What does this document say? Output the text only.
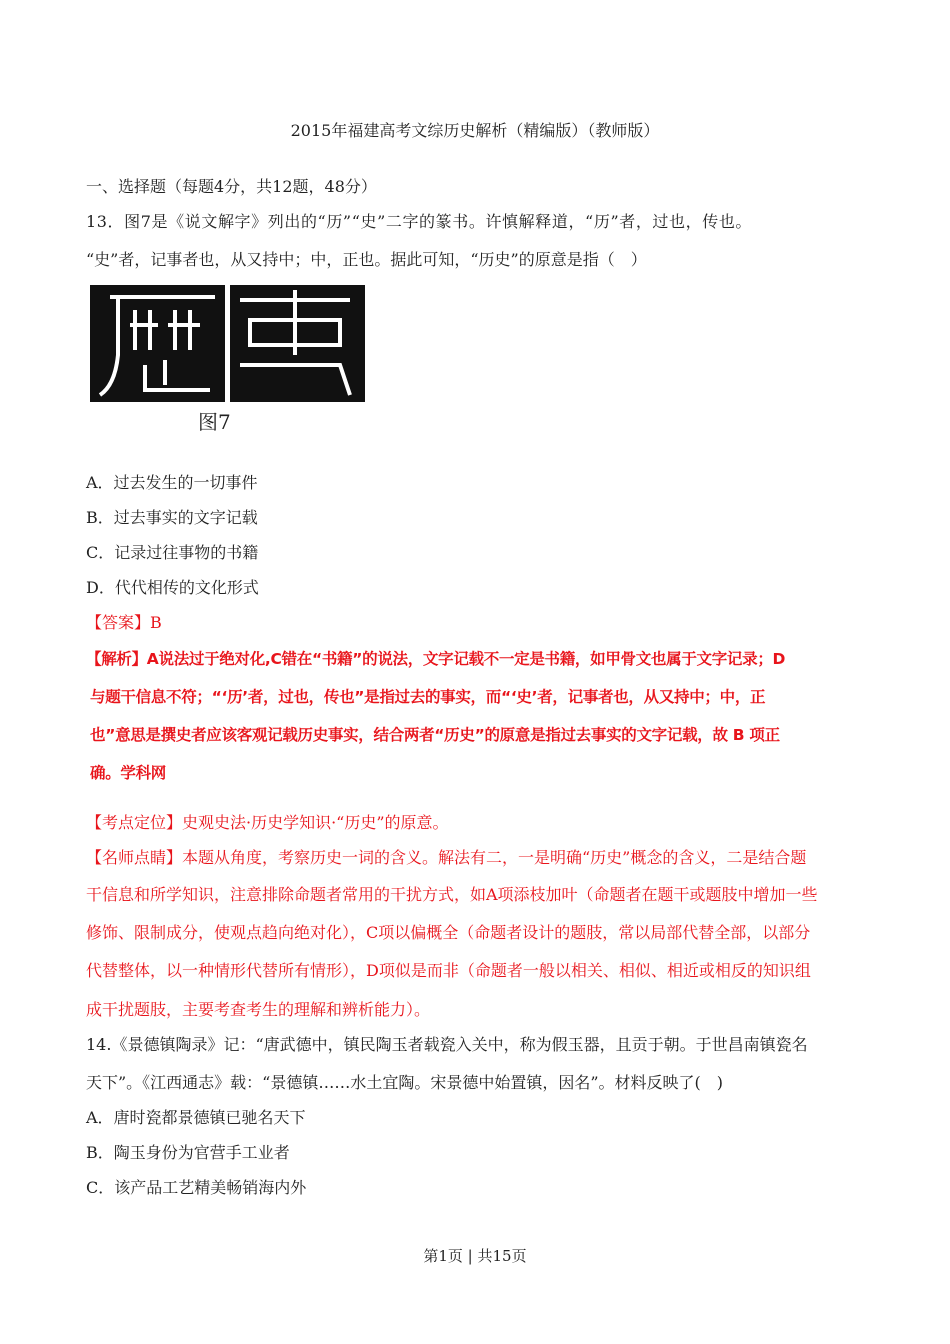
2015年福建高考文综历史解析（精编版）（教师版）
一、选择题（每题4分，共12题，48分）
13．图7是《说文解字》列出的“历”“史”二字的篆书。许慎解释道，“历”者，过也，传也。
“史”者，记事者也，从又持中；中，正也。据此可知，“历史”的原意是指（　）
图7
A．过去发生的一切事件
B．过去事实的文字记载
C．记录过往事物的书籍
D．代代相传的文化形式
【答案】B
【解析】A说法过于绝对化,C错在“书籍”的说法，文字记载不一定是书籍，如甲骨文也属于文字记录；D
与题干信息不符；“‘历’者，过也，传也”是指过去的事实，而“‘史’者，记事者也，从又持中；中，正
也”意思是撰史者应该客观记载历史事实，结合两者“历史”的原意是指过去事实的文字记载，故 B 项正
确。学科网
【考点定位】史观史法·历史学知识·“历史”的原意。
【名师点睛】本题从角度，考察历史一词的含义。解法有二，一是明确“历史”概念的含义，二是结合题
干信息和所学知识，注意排除命题者常用的干扰方式，如A项添枝加叶（命题者在题干或题肢中增加一些
修饰、限制成分，使观点趋向绝对化），C项以偏概全（命题者设计的题肢，常以局部代替全部，以部分
代替整体，以一种情形代替所有情形），D项似是而非（命题者一般以相关、相似、相近或相反的知识组
成干扰题肢，主要考查考生的理解和辨析能力）。
14.《景德镇陶录》记：“唐武德中，镇民陶玉者载瓷入关中，称为假玉器，且贡于朝。于世昌南镇瓷名
天下”。《江西通志》载：“景德镇……水土宜陶。宋景德中始置镇，因名”。材料反映了(　)
A．唐时瓷都景德镇已驰名天下
B．陶玉身份为官营手工业者
C．该产品工艺精美畅销海内外
第1页 | 共15页
